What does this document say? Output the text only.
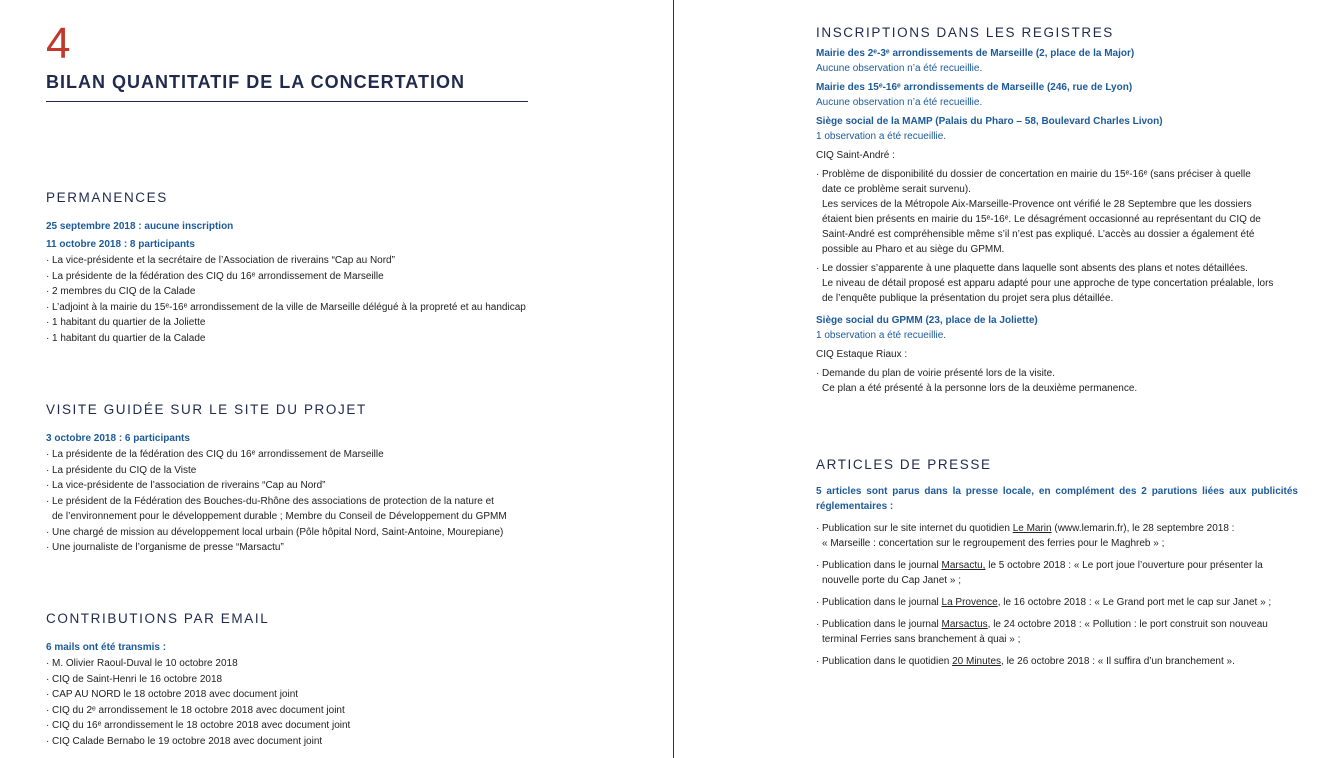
4
BILAN QUANTITATIF DE LA CONCERTATION
PERMANENCES
25 septembre 2018 : aucune inscription
11 octobre 2018 : 8 participants
· La vice-présidente et la secrétaire de l’Association de riverains “Cap au Nord”
· La présidente de la fédération des CIQ du 16ᵉ arrondissement de Marseille
· 2 membres du CIQ de la Calade
· L’adjoint à la mairie du 15ᵉ-16ᵉ arrondissement de la ville de Marseille délégué à la propreté et au handicap
· 1 habitant du quartier de la Joliette
· 1 habitant du quartier de la Calade
VISITE GUIDÉE SUR LE SITE DU PROJET
3 octobre 2018 : 6 participants
· La présidente de la fédération des CIQ du 16ᵉ arrondissement de Marseille
· La présidente du CIQ de la Viste
· La vice-présidente de l’association de riverains “Cap au Nord”
· Le président de la Fédération des Bouches-du-Rhône des associations de protection de la nature et
de l’environnement pour le développement durable ; Membre du Conseil de Développement du GPMM
· Une chargé de mission au développement local urbain (Pôle hôpital Nord, Saint-Antoine, Mourepiane)
· Une journaliste de l’organisme de presse “Marsactu”
CONTRIBUTIONS PAR EMAIL
6 mails ont été transmis :
· M. Olivier Raoul-Duval le 10 octobre 2018
· CIQ de Saint-Henri le 16 octobre 2018
· CAP AU NORD le 18 octobre 2018 avec document joint
· CIQ du 2ᵉ arrondissement le 18 octobre 2018 avec document joint
· CIQ du 16ᵉ arrondissement le 18 octobre 2018 avec document joint
· CIQ Calade Bernabo le 19 octobre 2018 avec document joint
INSCRIPTIONS DANS LES REGISTRES
Mairie des 2ᵉ-3ᵉ arrondissements de Marseille (2, place de la Major)
Aucune observation n’a été recueillie.
Mairie des 15ᵉ-16ᵉ arrondissements de Marseille (246, rue de Lyon)
Aucune observation n’a été recueillie.
Siège social de la MAMP (Palais du Pharo – 58, Boulevard Charles Livon)
1 observation a été recueillie.
CIQ Saint-André :
· Problème de disponibilité du dossier de concertation en mairie du 15ᵉ-16ᵉ (sans préciser à quelle
date ce problème serait survenu).
Les services de la Métropole Aix-Marseille-Provence ont vérifié le 28 Septembre que les dossiers
étaient bien présents en mairie du 15ᵉ-16ᵉ. Le désagrément occasionné au représentant du CIQ de
Saint-André est compréhensible même s’il n’est pas expliqué. L’accès au dossier a également été
possible au Pharo et au siège du GPMM.
· Le dossier s’apparente à une plaquette dans laquelle sont absents des plans et notes détaillées.
Le niveau de détail proposé est apparu adapté pour une approche de type concertation préalable, lors
de l’enquête publique la présentation du projet sera plus détaillée.
Siège social du GPMM (23, place de la Joliette)
1 observation a été recueillie.
CIQ Estaque Riaux :
· Demande du plan de voirie présenté lors de la visite.
Ce plan a été présenté à la personne lors de la deuxième permanence.
ARTICLES DE PRESSE
5 articles sont parus dans la presse locale, en complément des 2 parutions liées aux publicités réglementaires :
· Publication sur le site internet du quotidien Le Marin (www.lemarin.fr), le 28 septembre 2018 :
« Marseille : concertation sur le regroupement des ferries pour le Maghreb » ;
· Publication dans le journal Marsactu, le 5 octobre 2018 : « Le port joue l’ouverture pour présenter la
nouvelle porte du Cap Janet » ;
· Publication dans le journal La Provence, le 16 octobre 2018 : « Le Grand port met le cap sur Janet » ;
· Publication dans le journal Marsactus, le 24 octobre 2018 : « Pollution : le port construit son nouveau
terminal Ferries sans branchement à quai » ;
· Publication dans le quotidien 20 Minutes, le 26 octobre 2018 : « Il suffira d’un branchement ».
